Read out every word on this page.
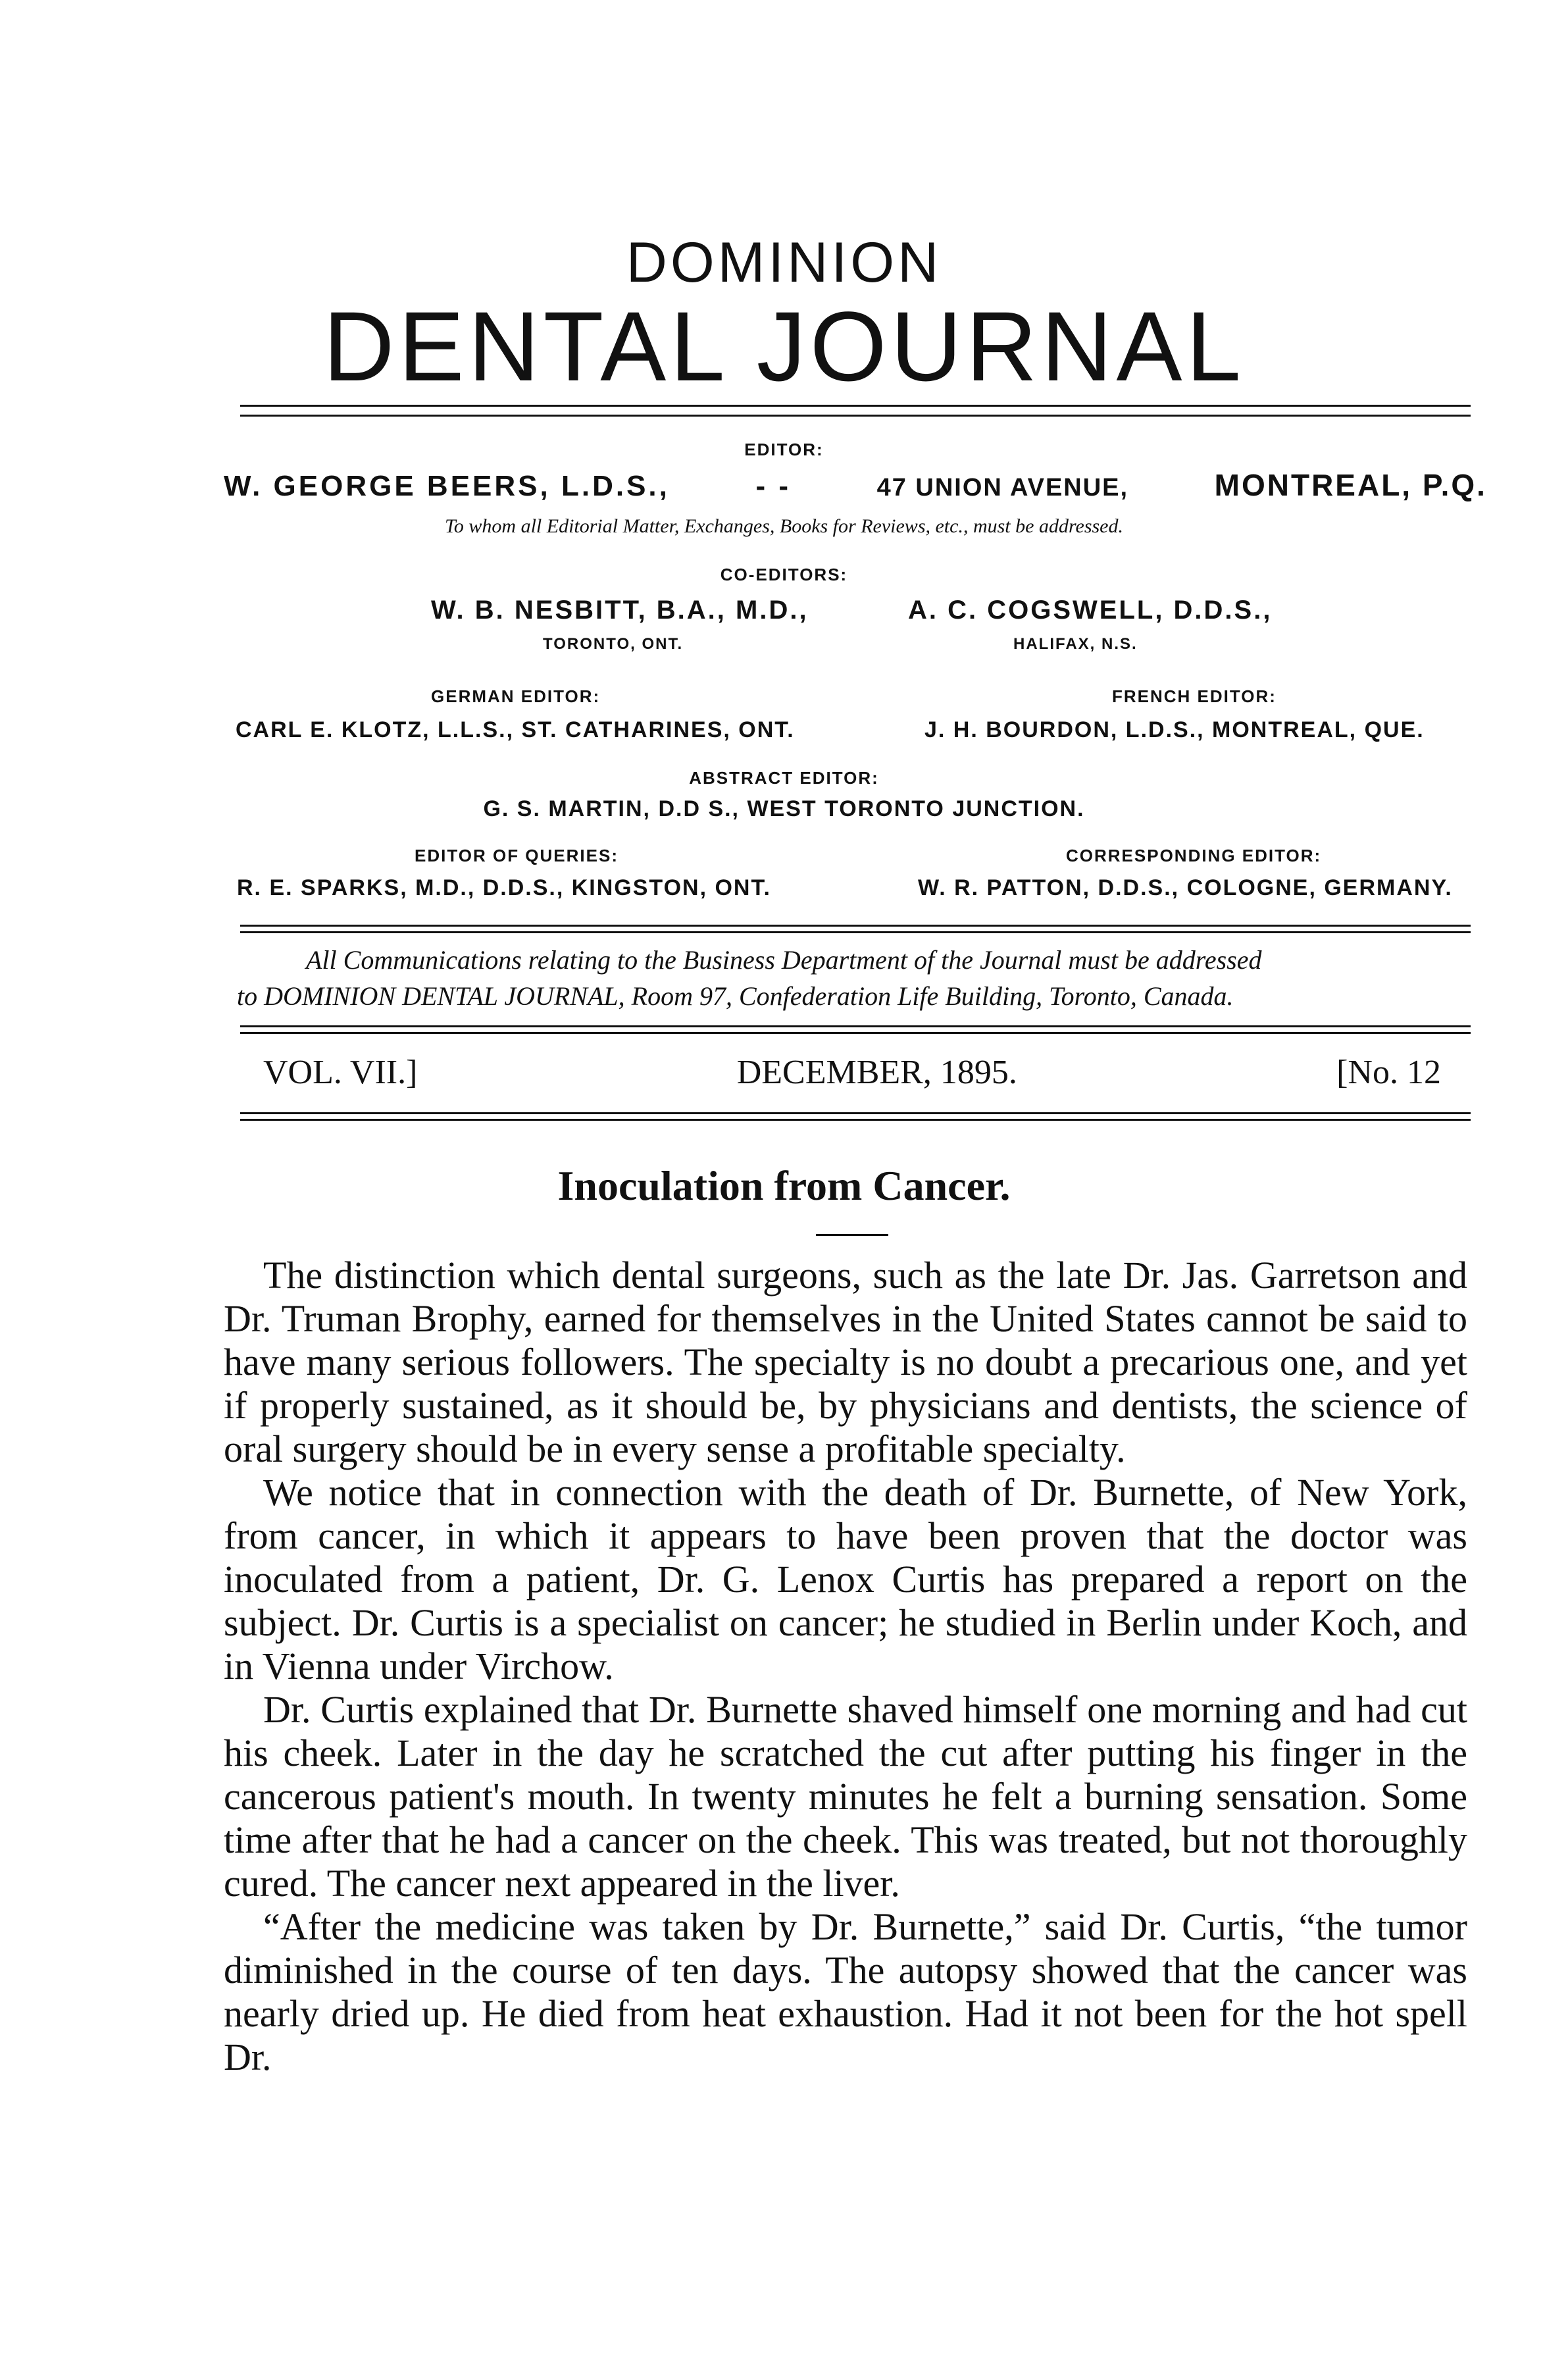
DOMINION
DENTAL JOURNAL
EDITOR:
W. GEORGE BEERS, L.D.S.,	- -	47 UNION AVENUE,	MONTREAL, P.Q.
To whom all Editorial Matter, Exchanges, Books for Reviews, etc., must be addressed.
CO-EDITORS:
W. B. NESBITT, B.A., M.D.,
TORONTO, ONT.
A. C. COGSWELL, D.D.S.,
HALIFAX, N.S.
GERMAN EDITOR:
CARL E. KLOTZ, L.L.S., ST. CATHARINES, ONT.
FRENCH EDITOR:
J. H. BOURDON, L.D.S., MONTREAL, QUE.
ABSTRACT EDITOR:
G. S. MARTIN, D.D S., WEST TORONTO JUNCTION.
EDITOR OF QUERIES:
R. E. SPARKS, M.D., D.D.S., KINGSTON, ONT.
CORRESPONDING EDITOR:
W. R. PATTON, D.D.S., COLOGNE, GERMANY.
All Communications relating to the Business Department of the Journal must be addressed
to DOMINION DENTAL JOURNAL, Room 97, Confederation Life Building, Toronto, Canada.
VOL. VII.]	DECEMBER, 1895.	[No. 12
Inoculation from Cancer.

The distinction which dental surgeons, such as the late Dr. Jas. Garretson and Dr. Truman Brophy, earned for themselves in the United States cannot be said to have many serious followers. The specialty is no doubt a precarious one, and yet if properly sustained, as it should be, by physicians and dentists, the science of oral surgery should be in every sense a profitable specialty.

We notice that in connection with the death of Dr. Burnette, of New York, from cancer, in which it appears to have been proven that the doctor was inoculated from a patient, Dr. G. Lenox Curtis has prepared a report on the subject. Dr. Curtis is a specialist on cancer; he studied in Berlin under Koch, and in Vienna under Virchow.

Dr. Curtis explained that Dr. Burnette shaved himself one morning and had cut his cheek. Later in the day he scratched the cut after putting his finger in the cancerous patient's mouth. In twenty minutes he felt a burning sensation. Some time after that he had a cancer on the cheek. This was treated, but not thoroughly cured. The cancer next appeared in the liver.

“After the medicine was taken by Dr. Burnette,” said Dr. Curtis, “the tumor diminished in the course of ten days. The autopsy showed that the cancer was nearly dried up. He died from heat exhaustion. Had it not been for the hot spell Dr.
